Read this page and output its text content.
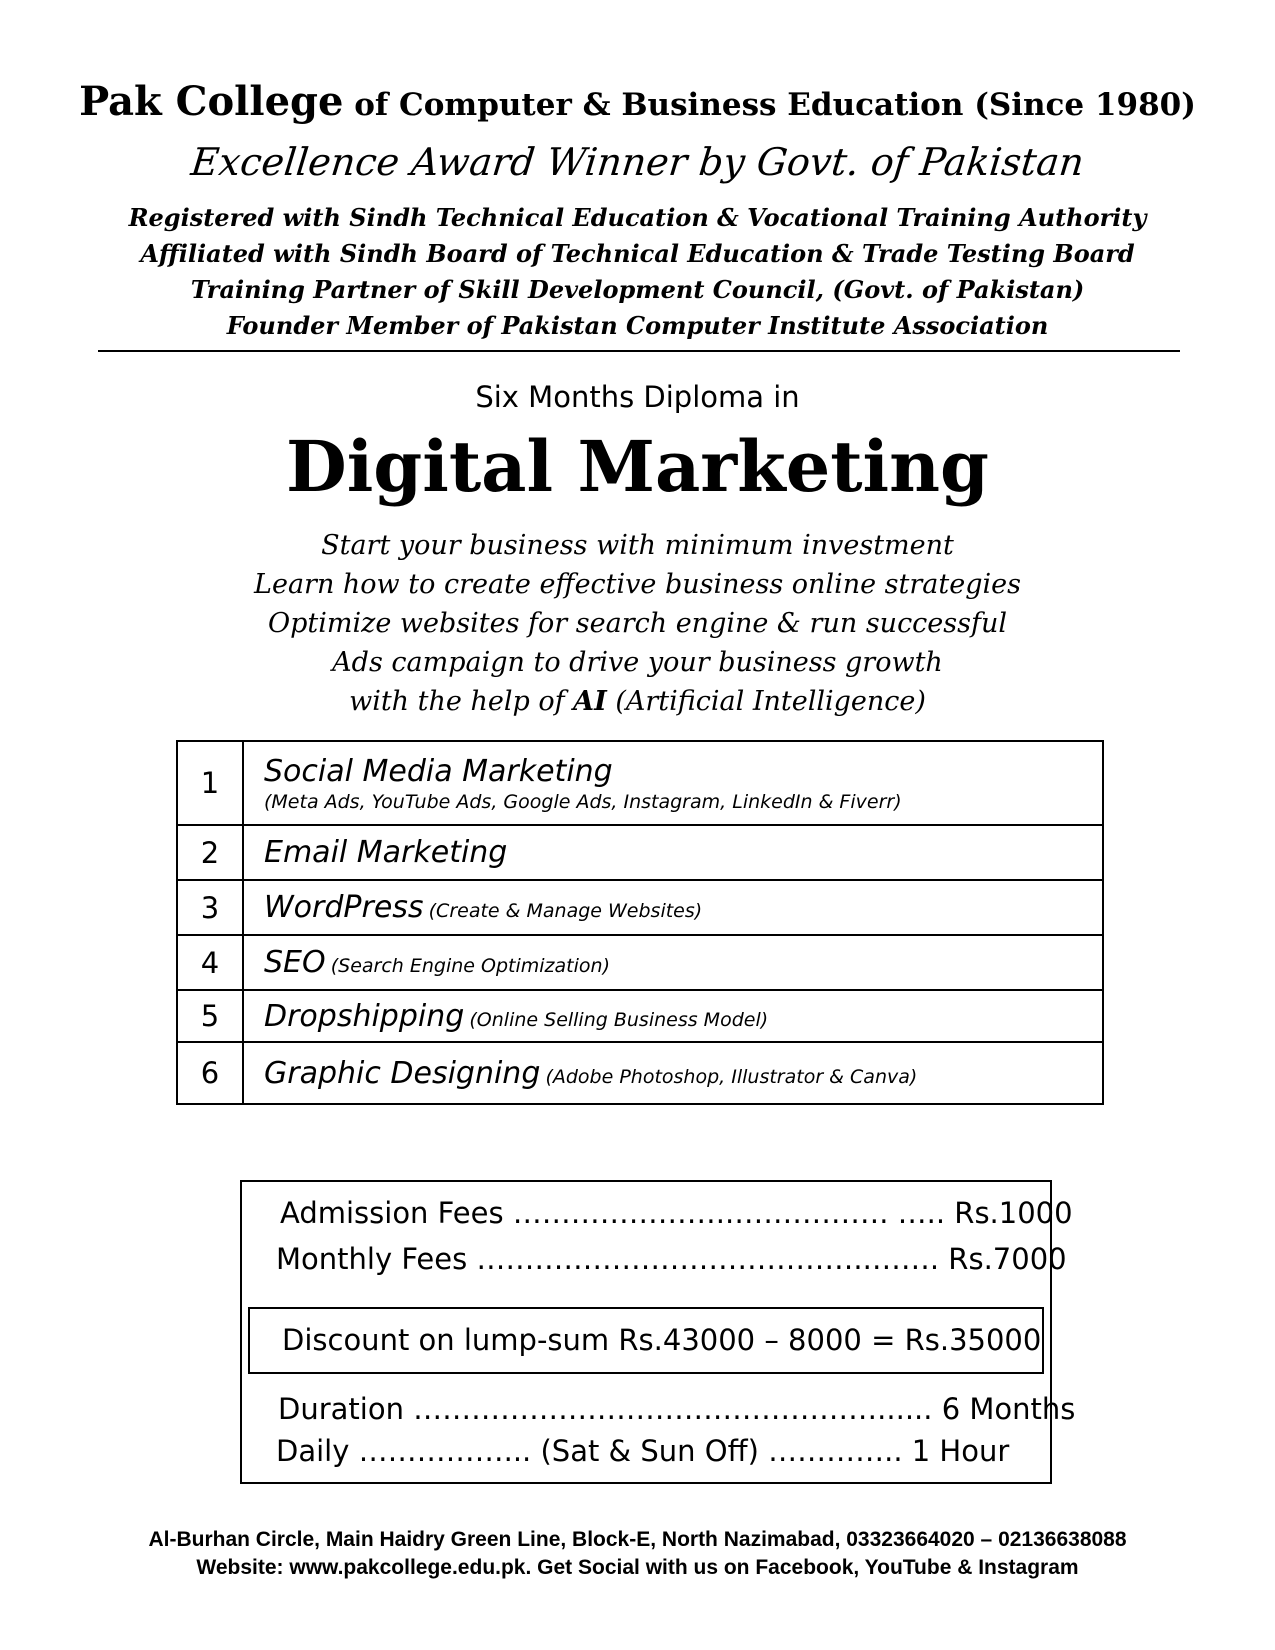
Pak College of Computer & Business Education (Since 1980)
Excellence Award Winner by Govt. of Pakistan
Registered with Sindh Technical Education & Vocational Training Authority
Affiliated with Sindh Board of Technical Education & Trade Testing Board
Training Partner of Skill Development Council, (Govt. of Pakistan)
Founder Member of Pakistan Computer Institute Association
Six Months Diploma in
Digital Marketing
Start your business with minimum investment
Learn how to create effective business online strategies
Optimize websites for search engine & run successful
Ads campaign to drive your business growth
with the help of AI (Artificial Intelligence)
1	Social Media Marketing
(Meta Ads, YouTube Ads, Google Ads, Instagram, LinkedIn & Fiverr)

2	Email Marketing
3	WordPress (Create & Manage Websites)
4	SEO (Search Engine Optimization)
5	Dropshipping (Online Selling Business Model)
6	Graphic Designing (Adobe Photoshop, Illustrator & Canva)
Admission Fees …………………..……………. ….. Rs.1000
Monthly Fees …………………………………..……. Rs.7000
Discount on lump-sum Rs.43000 – 8000 = Rs.35000
Duration …………………………………………...... 6 Months
Daily ……………... (Sat & Sun Off) ………….. 1 Hour
Al-Burhan Circle, Main Haidry Green Line, Block-E, North Nazimabad, 03323664020 – 02136638088
Website: www.pakcollege.edu.pk. Get Social with us on Facebook, YouTube & Instagram
